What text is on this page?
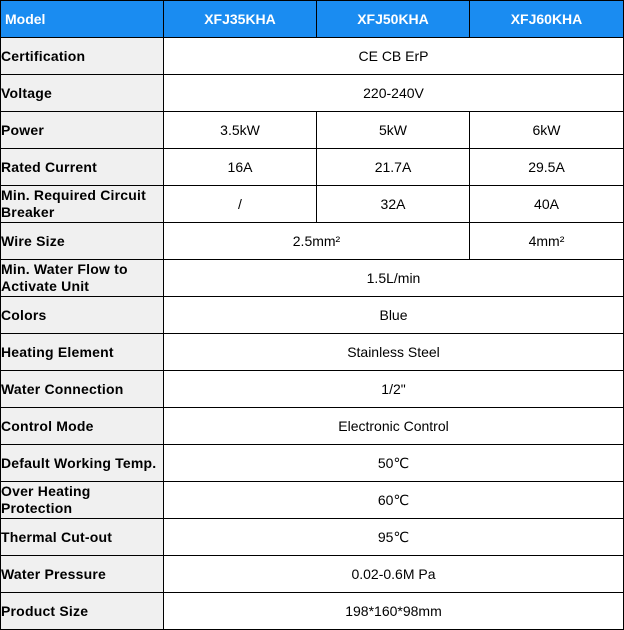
Model	XFJ35KHA	XFJ50KHA	XFJ60KHA
Certification	CE CB ErP		
Voltage	220-240V		
Power	3.5kW	5kW	6kW
Rated Current	16A	21.7A	29.5A
Min. Required Circuit Breaker	/	32A	40A
Wire Size	2.5mm²		4mm²
Min. Water Flow to Activate Unit	1.5L/min		
Colors	Blue		
Heating Element	Stainless Steel		
Water Connection	1/2"		
Control Mode	Electronic Control		
Default Working Temp.	50℃		
Over Heating Protection	60℃		
Thermal Cut-out	95℃		
Water Pressure	0.02-0.6M Pa		
Product Size	198*160*98mm		
